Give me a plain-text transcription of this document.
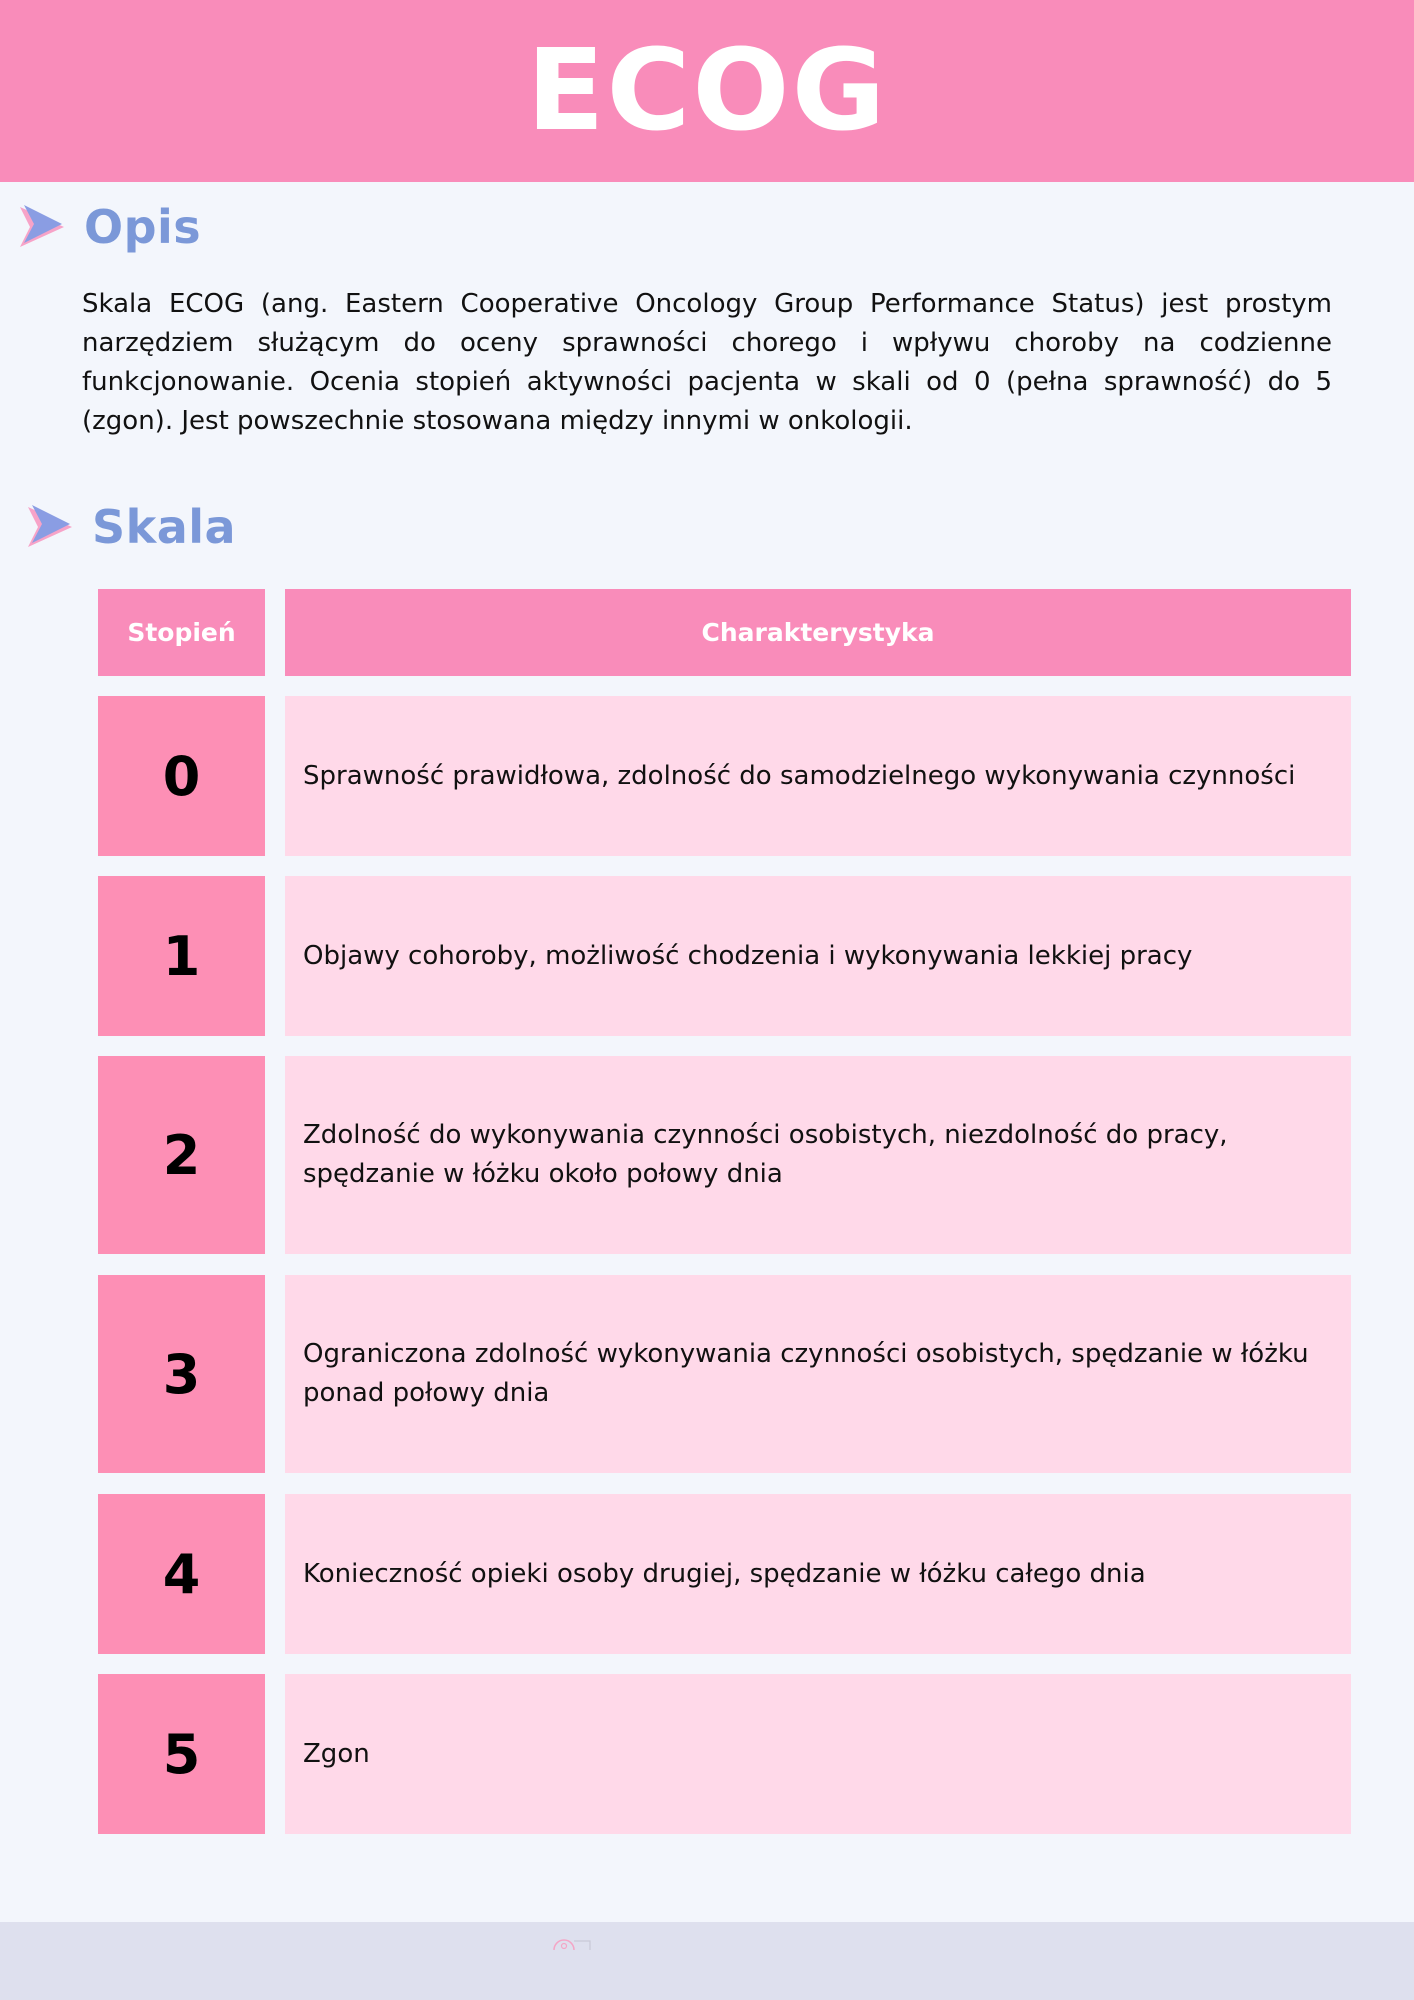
ECOG
Opis

Skala ECOG (ang. Eastern Cooperative Oncology Group Performance Status) jest prostym narzędziem służącym do oceny sprawności chorego i wpływu choroby na codzienne funkcjonowanie. Ocenia stopień aktywności pacjenta w skali od 0 (pełna sprawność) do 5 (zgon). Jest powszechnie stosowana między innymi w onkologii.

Skala
Stopień	Charakterystyka
0	Sprawność prawidłowa, zdolność do samodzielnego wykonywania czynności
1	Objawy cohoroby, możliwość chodzenia i wykonywania lekkiej pracy
2	Zdolność do wykonywania czynności osobistych, niezdolność do pracy, spędzanie w łóżku około połowy dnia
3	Ograniczona zdolność wykonywania czynności osobistych, spędzanie w łóżku ponad połowy dnia
4	Konieczność opieki osoby drugiej, spędzanie w łóżku całego dnia
5	Zgon
